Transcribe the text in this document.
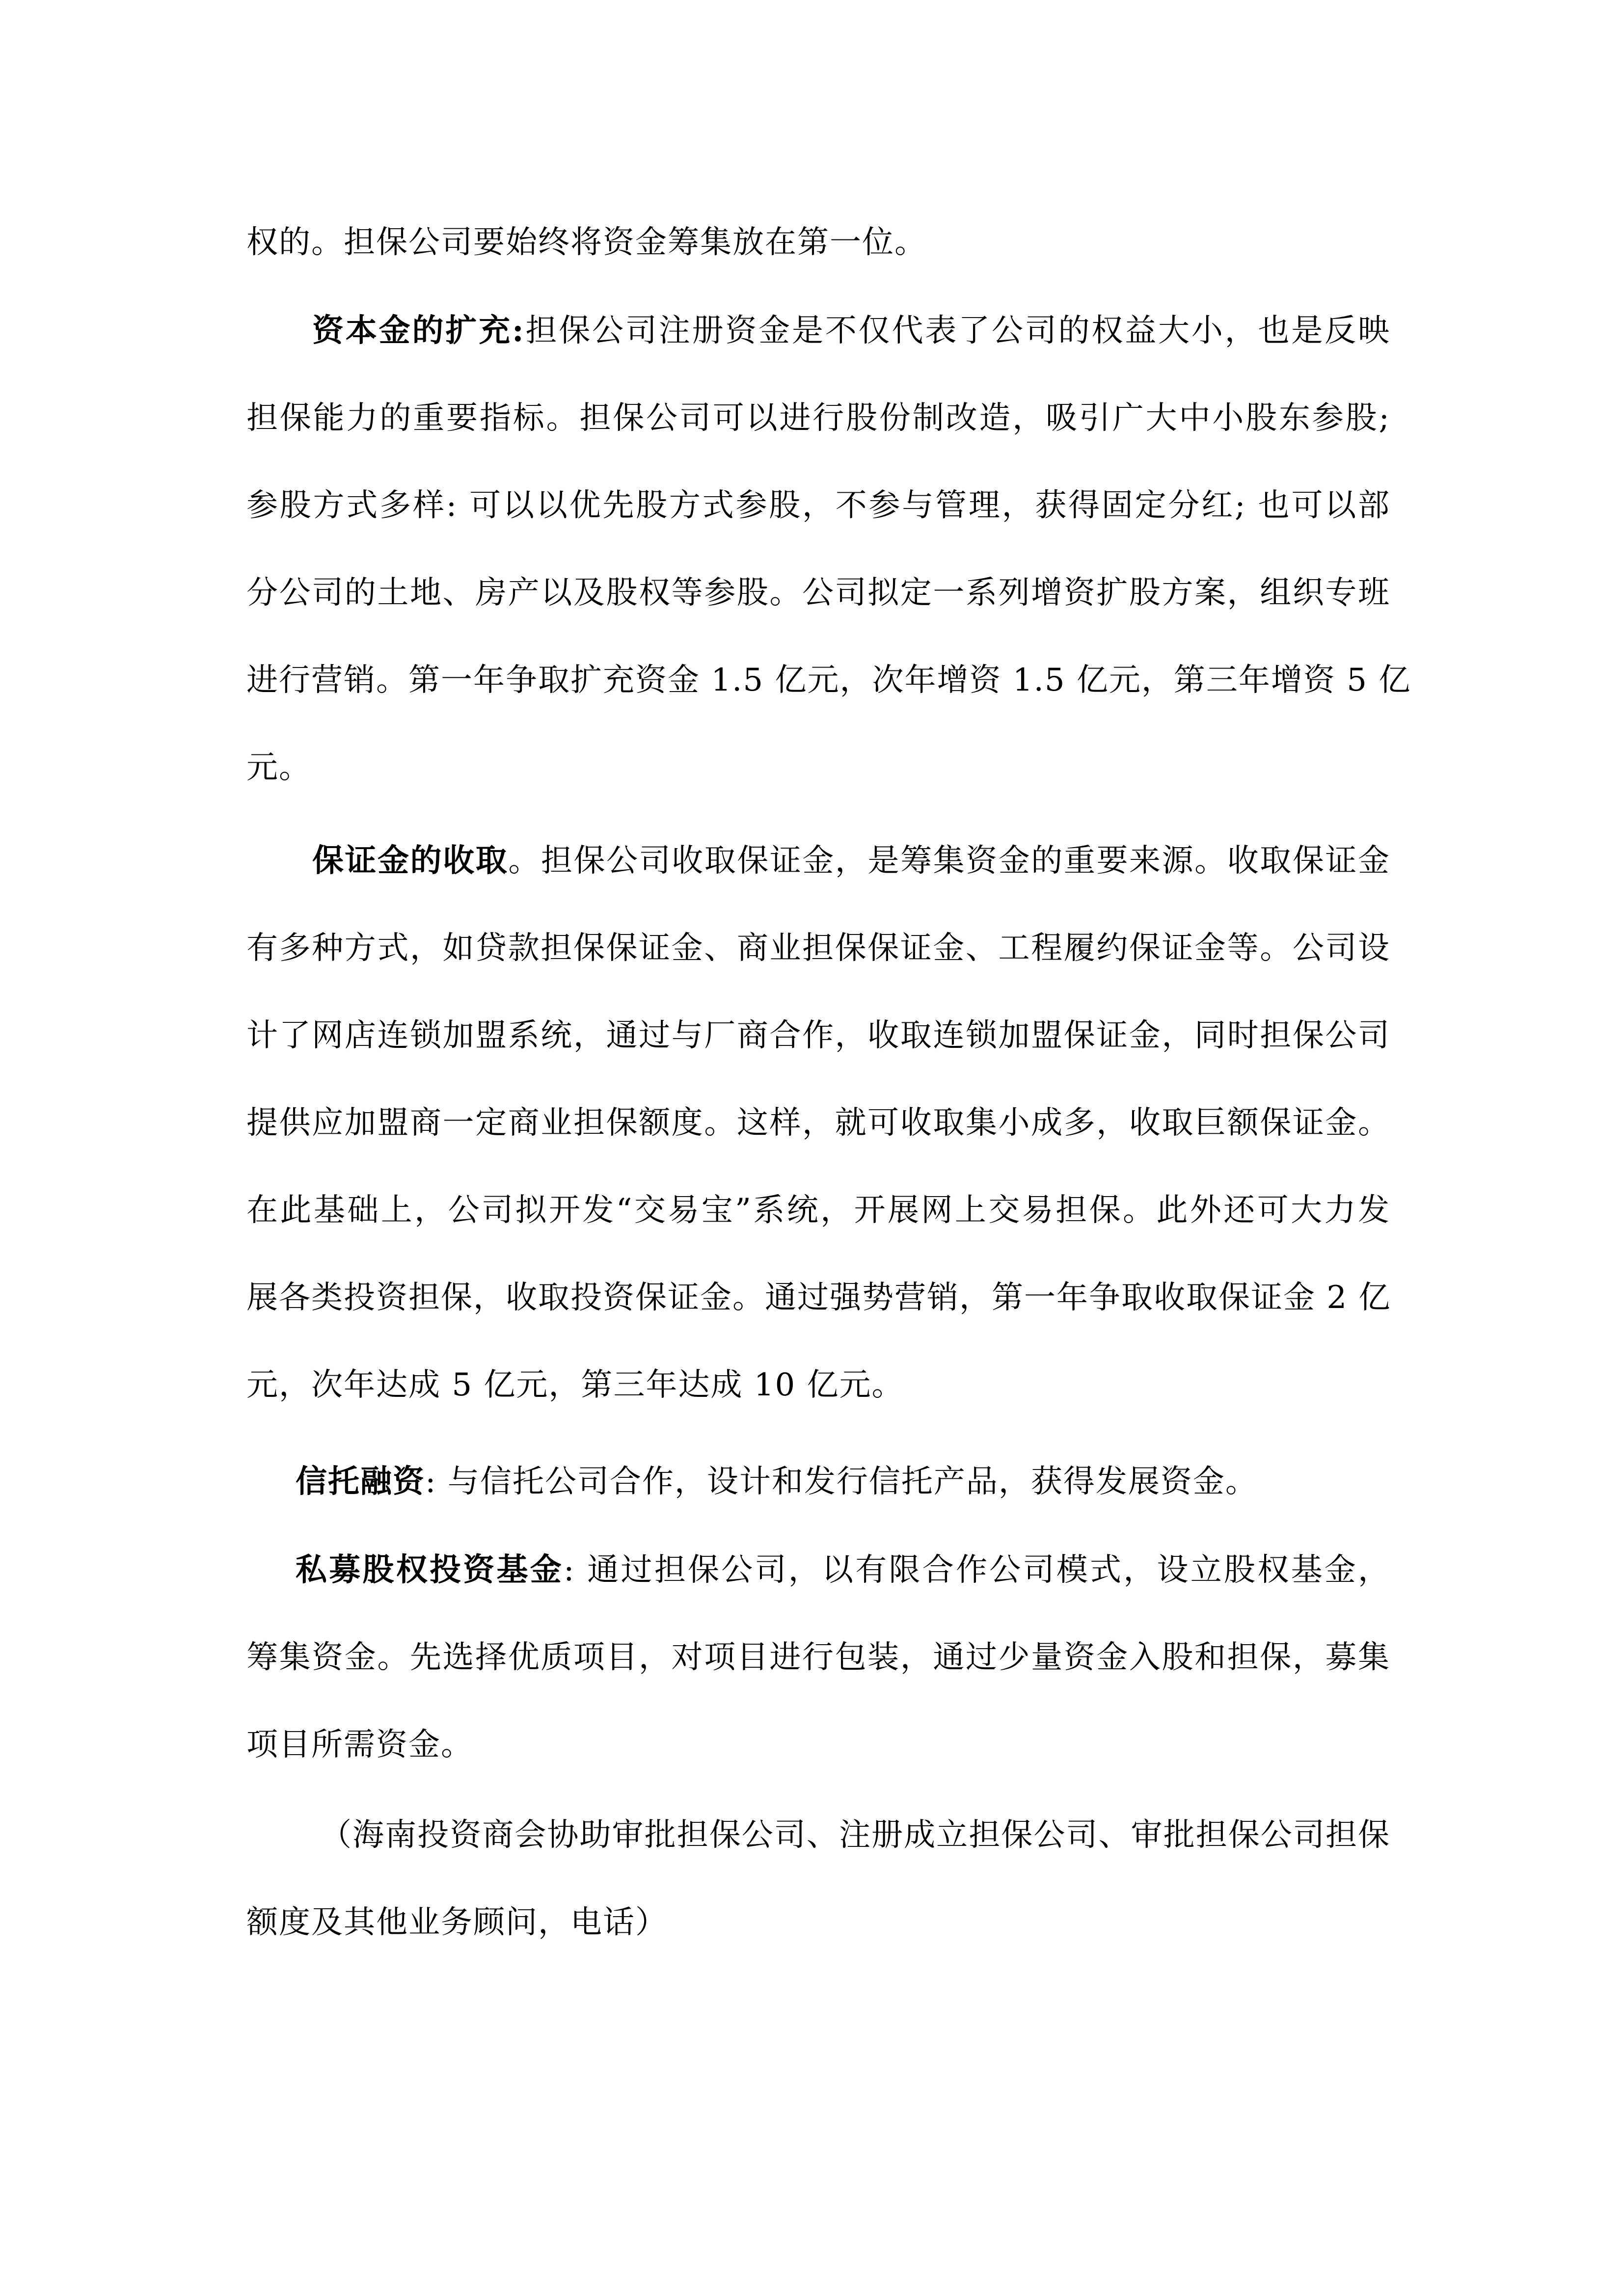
权的。担保公司要始终将资金筹集放在第一位。
资本金的扩充:担保公司注册资金是不仅代表了公司的权益大小，也是反映
担保能力的重要指标。担保公司可以进行股份制改造，吸引广大中小股东参股;
参股方式多样: 可以以优先股方式参股，不参与管理，获得固定分红; 也可以部
分公司的土地、房产以及股权等参股。公司拟定一系列增资扩股方案，组织专班
进行营销。第一年争取扩充资金 1.5 亿元，次年增资 1.5 亿元，第三年增资 5 亿
元。
保证金的收取。担保公司收取保证金，是筹集资金的重要来源。收取保证金
有多种方式，如贷款担保保证金、商业担保保证金、工程履约保证金等。公司设
计了网店连锁加盟系统，通过与厂商合作，收取连锁加盟保证金，同时担保公司
提供应加盟商一定商业担保额度。这样，就可收取集小成多，收取巨额保证金。
在此基础上，公司拟开发“交易宝”系统，开展网上交易担保。此外还可大力发
展各类投资担保，收取投资保证金。通过强势营销，第一年争取收取保证金 2 亿
元，次年达成 5 亿元，第三年达成 10 亿元。
信托融资: 与信托公司合作，设计和发行信托产品，获得发展资金。
私募股权投资基金: 通过担保公司，以有限合作公司模式，设立股权基金，
筹集资金。先选择优质项目，对项目进行包装，通过少量资金入股和担保，募集
项目所需资金。
（海南投资商会协助审批担保公司、注册成立担保公司、审批担保公司担保
额度及其他业务顾问，电话）
